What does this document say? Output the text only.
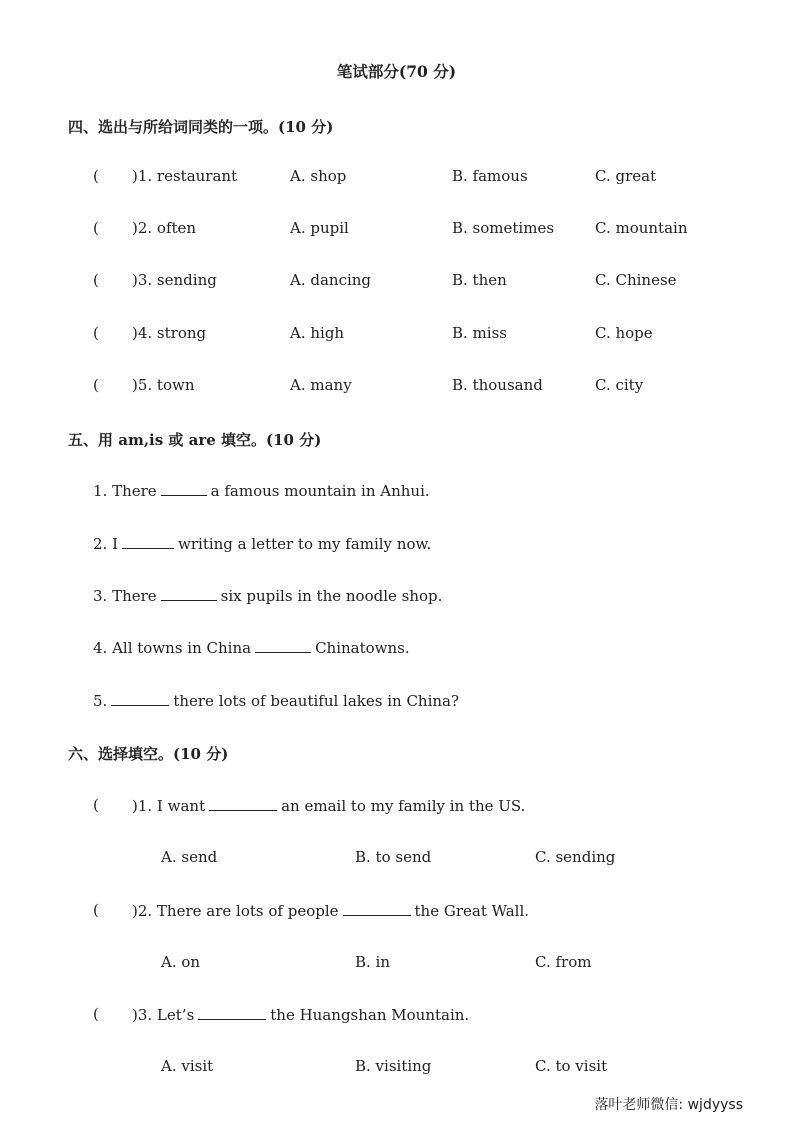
笔试部分(70 分)
四、选出与所给词同类的一项。(10 分)
( )1. restaurant	A. shop	B. famous	C. great
( )2. often	A. pupil	B. sometimes	C. mountain
( )3. sending	A. dancing	B. then	C. Chinese
( )4. strong	A. high	B. miss	C. hope
( )5. town	A. many	B. thousand	C. city
五、用 am,is 或 are 填空。(10 分)
1. There	a famous mountain in Anhui.
2. I	writing a letter to my family now.
3. There	six pupils in the noodle shop.
4. All towns in China	Chinatowns.
5.	there lots of beautiful lakes in China?
六、选择填空。(10 分)
( )1. I want	an email to my family in the US.
A. send	B. to send	C. sending
( )2. There are lots of people	the Great Wall.
A. on	B. in	C. from
( )3. Let’s	the Huangshan Mountain.
A. visit	B. visiting	C. to visit
落叶老师微信: wjdyyss
